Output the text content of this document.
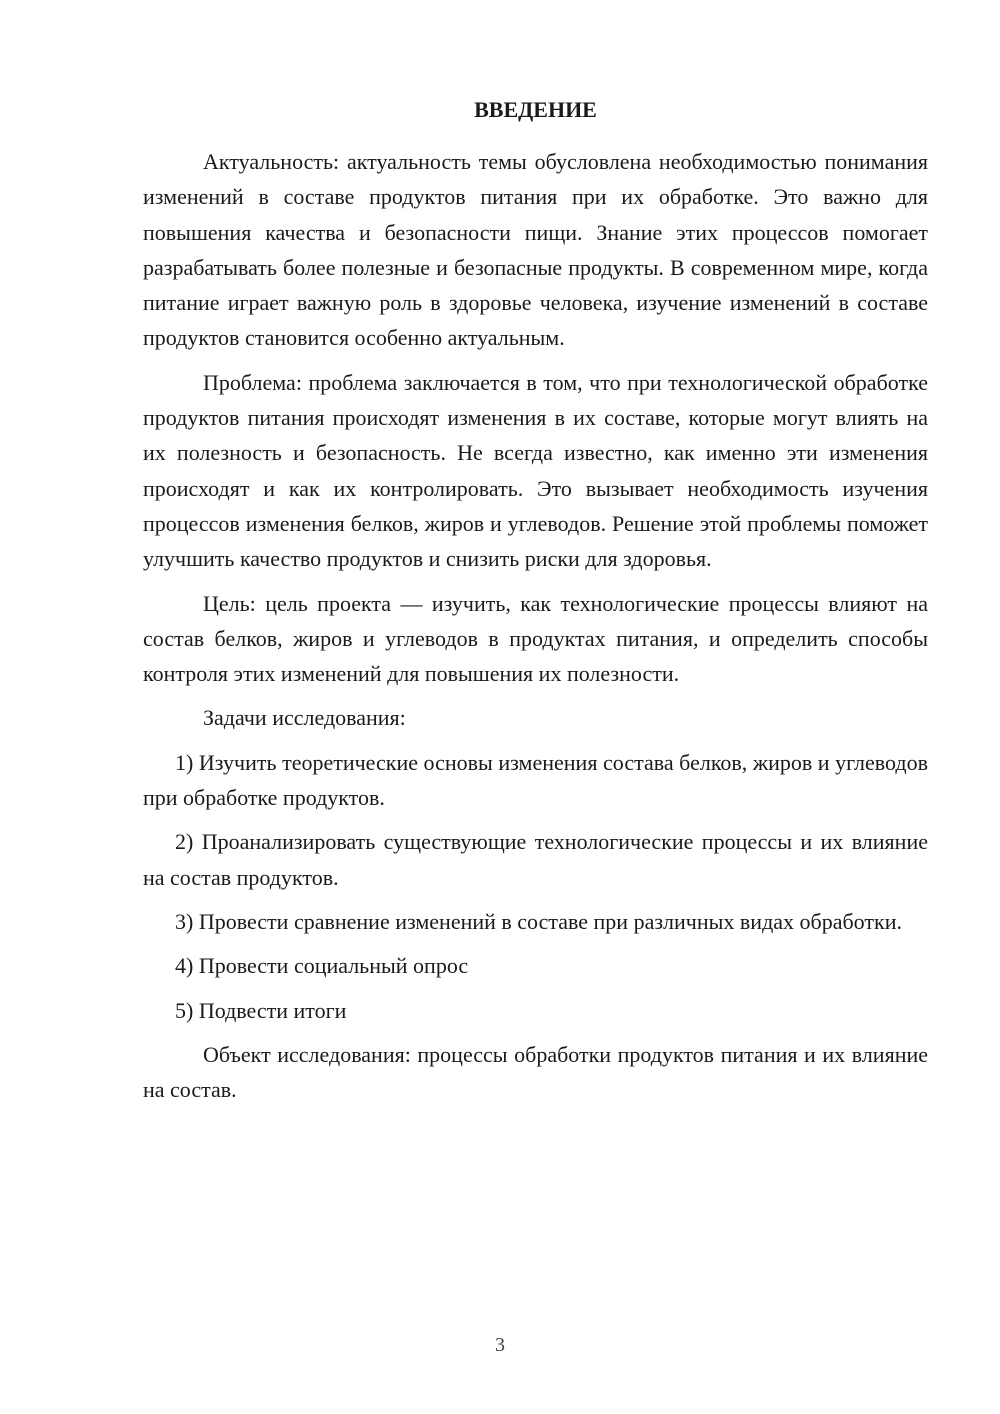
ВВЕДЕНИЕ

Актуальность: актуальность темы обусловлена необходимостью понимания изменений в составе продуктов питания при их обработке. Это важно для повышения качества и безопасности пищи. Знание этих процессов помогает разрабатывать более полезные и безопасные продукты. В современном мире, когда питание играет важную роль в здоровье человека, изучение изменений в составе продуктов становится особенно актуальным.

Проблема: проблема заключается в том, что при технологической обработке продуктов питания происходят изменения в их составе, которые могут влиять на их полезность и безопасность. Не всегда известно, как именно эти изменения происходят и как их контролировать. Это вызывает необходимость изучения процессов изменения белков, жиров и углеводов. Решение этой проблемы поможет улучшить качество продуктов и снизить риски для здоровья.

Цель: цель проекта — изучить, как технологические процессы влияют на состав белков, жиров и углеводов в продуктах питания, и определить способы контроля этих изменений для повышения их полезности.

Задачи исследования:

1) Изучить теоретические основы изменения состава белков, жиров и углеводов при обработке продуктов.

2) Проанализировать существующие технологические процессы и их влияние на состав продуктов.

3) Провести сравнение изменений в составе при различных видах обработки.

4) Провести социальный опрос

5) Подвести итоги

Объект исследования: процессы обработки продуктов питания и их влияние на состав.

3
